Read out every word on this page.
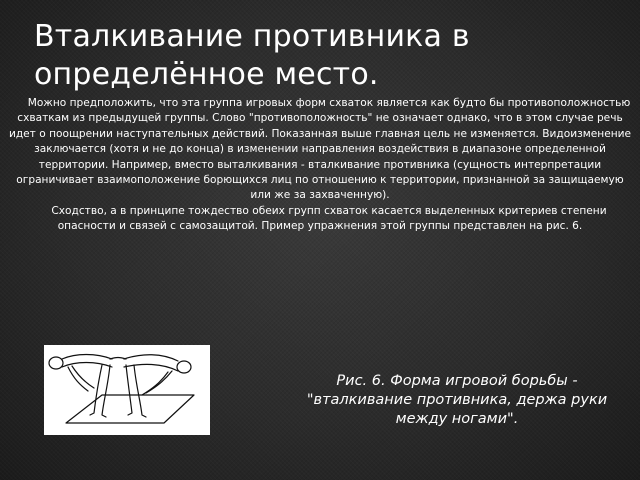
Вталкивание противника в определённое место.

Можно предположить, что эта группа игровых форм схваток является как будто бы противоположностью схваткам из предыдущей группы. Слово "противоположность" не означает однако, что в этом случае речь идет о поощрении наступательных действий. Показанная выше главная цель не изменяется. Видоизменение заключается (хотя и не до конца) в изменении направления воздействия в диапазоне определенной территории. Например, вместо выталкивания - вталкивание противника (сущность интерпретации ограничивает взаимоположение борющихся лиц по отношению к территории, признанной за защищаемую или же за захваченную).

Сходство, а в принципе тождество обеих групп схваток касается выделенных критериев степени опасности и связей с самозащитой. Пример упражнения этой группы представлен на рис. 6.

Рис. 6. Форма игровой борьбы - "вталкивание противника, держа руки между ногами".
